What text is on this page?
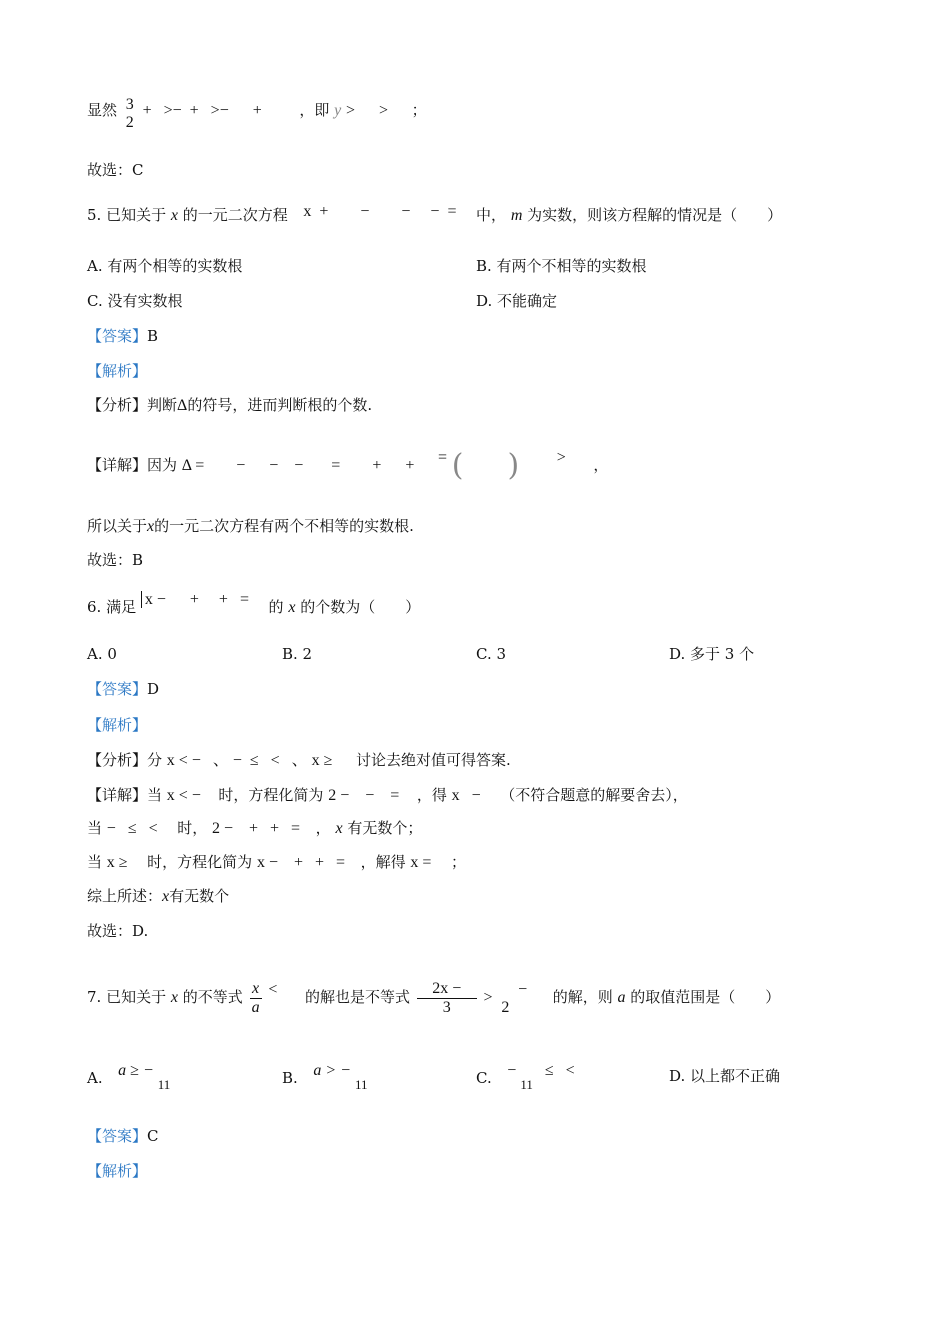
显然 3
2
+   >−  +   >−      +	，即 y >      > ；
故选：C
5. 已知关于 x 的一元二次方程 x  +        −        −     −  = 中， m 为实数，则该方程解的情况是（　　）
A. 有两个相等的实数根	B. 有两个不相等的实数根
C. 没有实数根	D. 不能确定
【答案】B
【解析】
【分析】判断Δ的符号，进而判断根的个数.
【详解】因为 Δ =        −      −    −       =        +      + = ( ) > ，
所以关于x的一元二次方程有两个不相等的实数根.
故选：B
6. 满足 x −      +     +   = 的 x 的个数为（　　）
A. 0	B. 2	C. 3	D. 多于 3 个
【答案】D
【解析】
【分析】分 x < −   、 −  ≤   <   、 x ≥ 讨论去绝对值可得答案.
【详解】当 x < − 时，方程化简为 2 −    −    = ，得 x   − （不符合题意的解要舍去），
当 −   ≤   < 时， 2 −    +   +   = ， x 有无数个；
当 x ≥ 时，方程化简为 x −    +   +   = ，解得 x = ；
综上所述：x有无数个
故选：D.
7. 已知关于 x 的不等式 $\frac{x}{a}$ < 的解也是不等式 $\frac{2x -}{3}$ >
2
− 的解，则 a 的取值范围是（　　）
A. a ≥ −

11	B. a > −

11	C. −

11
≤   <	D. 以上都不正确
【答案】C
【解析】
